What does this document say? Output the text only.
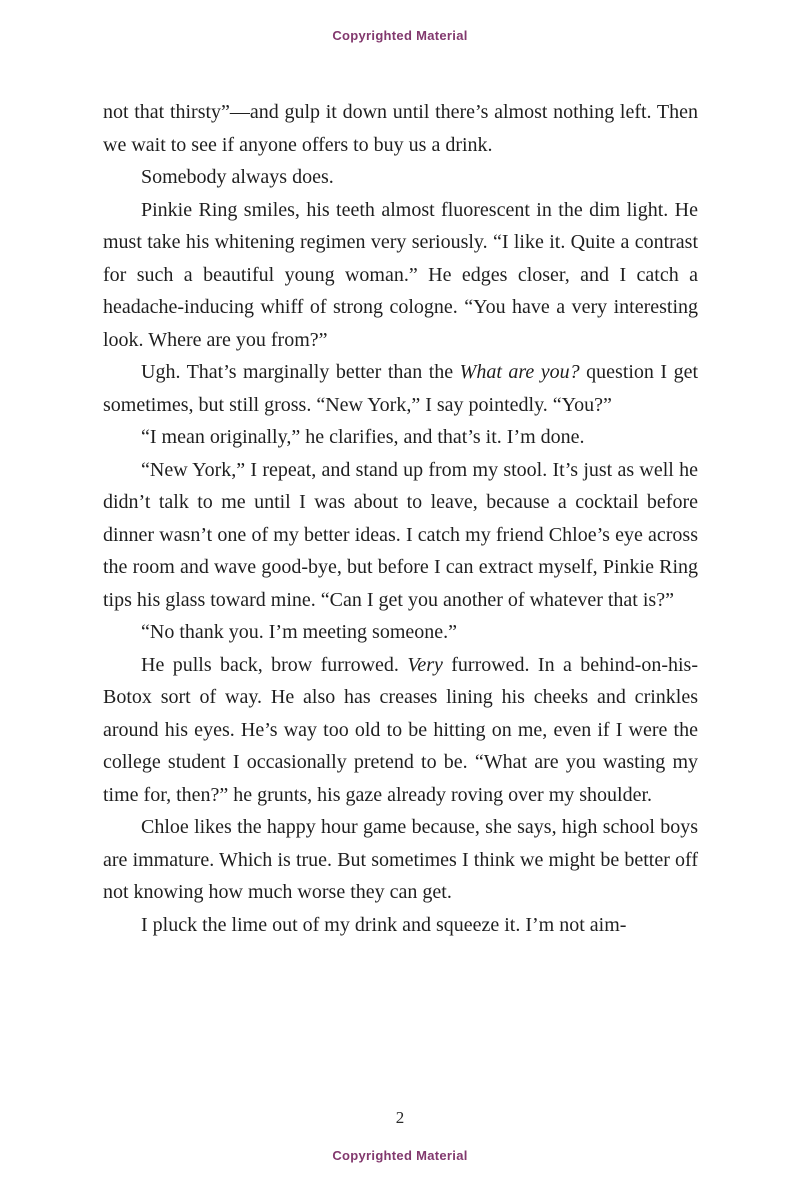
Copyrighted Material

not that thirsty”—and gulp it down until there’s almost nothing left. Then we wait to see if anyone offers to buy us a drink.

Somebody always does.

Pinkie Ring smiles, his teeth almost fluorescent in the dim light. He must take his whitening regimen very seriously. “I like it. Quite a contrast for such a beautiful young woman.” He edges closer, and I catch a headache-inducing whiff of strong cologne. “You have a very interesting look. Where are you from?”

Ugh. That’s marginally better than the What are you? question I get sometimes, but still gross. “New York,” I say pointedly. “You?”

“I mean originally,” he clarifies, and that’s it. I’m done.

“New York,” I repeat, and stand up from my stool. It’s just as well he didn’t talk to me until I was about to leave, because a cocktail before dinner wasn’t one of my better ideas. I catch my friend Chloe’s eye across the room and wave good-bye, but before I can extract myself, Pinkie Ring tips his glass toward mine. “Can I get you another of whatever that is?”

“No thank you. I’m meeting someone.”

He pulls back, brow furrowed. Very furrowed. In a behind-on-his-Botox sort of way. He also has creases lining his cheeks and crinkles around his eyes. He’s way too old to be hitting on me, even if I were the college student I occasionally pretend to be. “What are you wasting my time for, then?” he grunts, his gaze already roving over my shoulder.

Chloe likes the happy hour game because, she says, high school boys are immature. Which is true. But sometimes I think we might be better off not knowing how much worse they can get.

I pluck the lime out of my drink and squeeze it. I’m not aim-

2
Copyrighted Material
